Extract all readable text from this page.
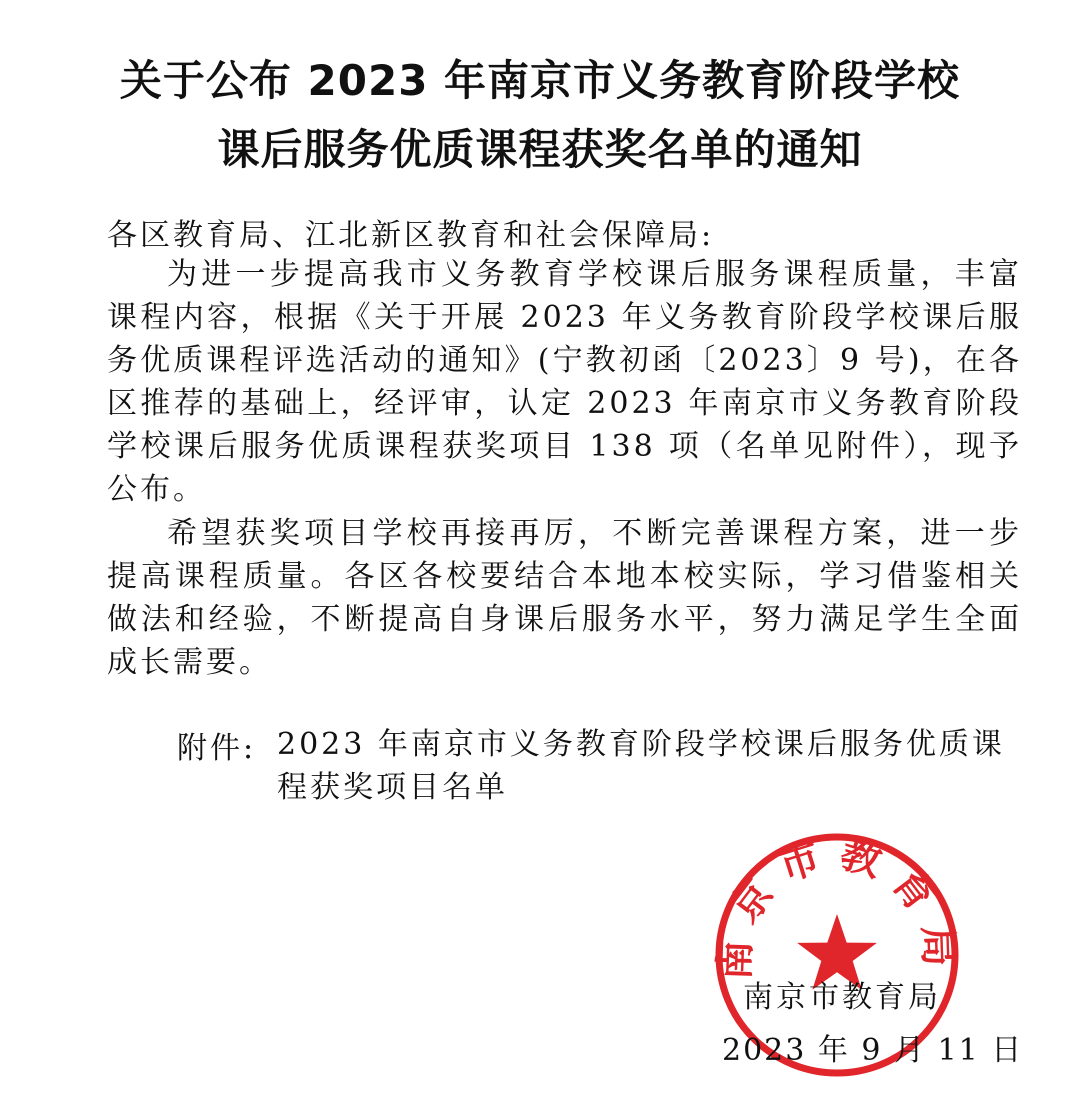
关于公布 2023 年南京市义务教育阶段学校
课后服务优质课程获奖名单的通知
各区教育局、江北新区教育和社会保障局:

为进一步提高我市义务教育学校课后服务课程质量，丰富课程内容，根据《关于开展 2023 年义务教育阶段学校课后服务优质课程评选活动的通知》(宁教初函〔2023〕9 号)，在各区推荐的基础上，经评审，认定 2023 年南京市义务教育阶段学校课后服务优质课程获奖项目 138 项（名单见附件），现予公布。

希望获奖项目学校再接再厉，不断完善课程方案，进一步提高课程质量。各区各校要结合本地本校实际，学习借鉴相关做法和经验，不断提高自身课后服务水平，努力满足学生全面成长需要。

附件: 2023 年南京市义务教育阶段学校课后服务优质课程获奖项目名单
南京市教育局
南京市教育局
2023 年 9 月 11 日
